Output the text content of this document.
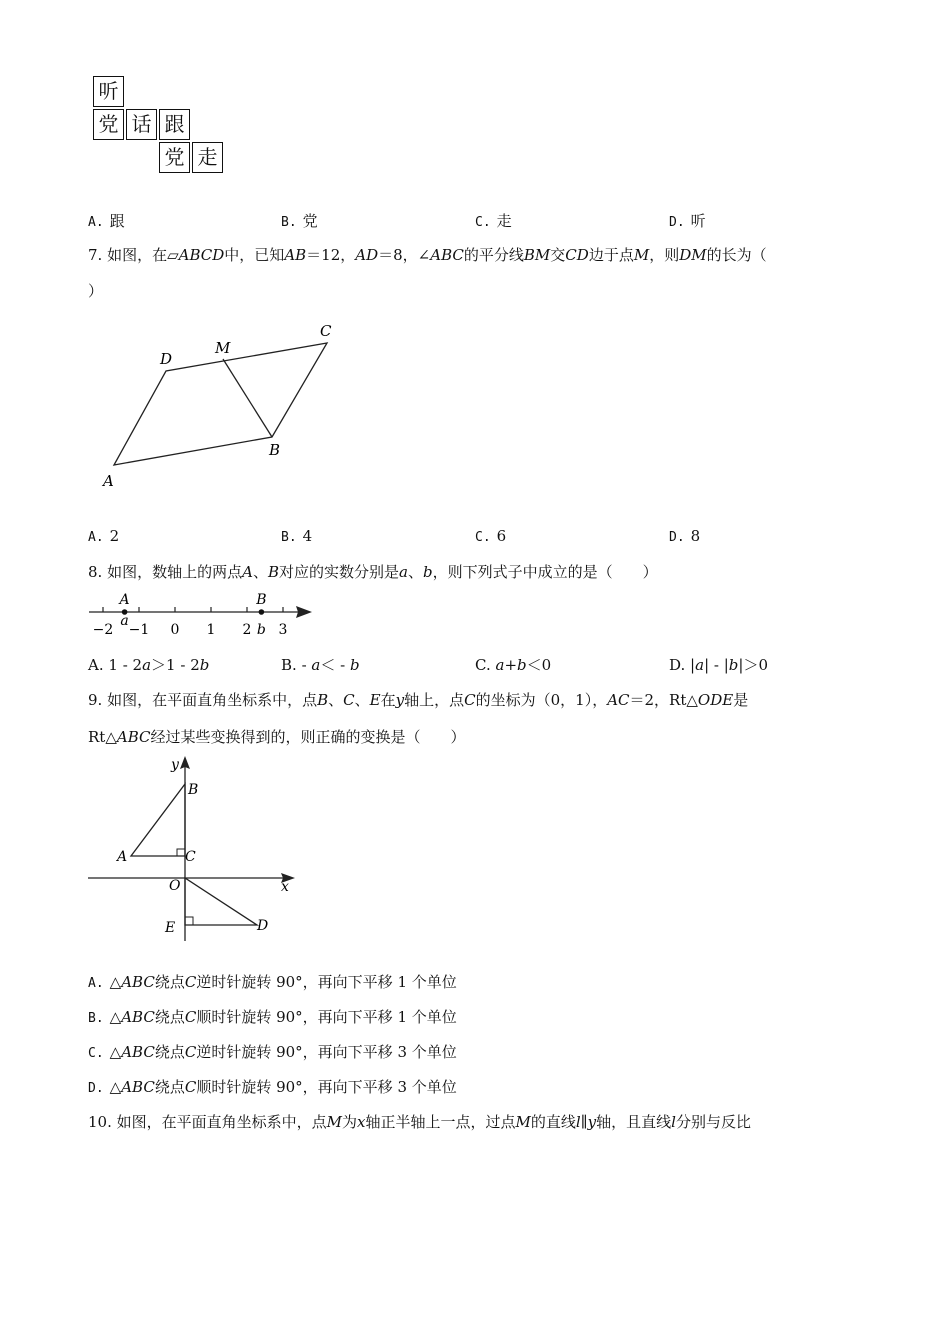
听
党 话 跟
党 走
A. 跟	B. 党	C. 走	D. 听
7. 如图，在▱ABCD中，已知AB＝12，AD＝8，∠ABC的平分线BM交CD边于点M，则DM的长为（
）
A
B
C
D
M
A. 2	B. 4	C. 6	D. 8
8. 如图，数轴上的两点A、B对应的实数分别是a、b，则下列式子中成立的是（　　）
−2 −1 0 1 2 3
A	B
a
b
A. 1 - 2a＞1 - 2b	B. - a＜ - b	C. a+b＜0	D. |a| - |b|＞0
9. 如图，在平面直角坐标系中，点B、C、E在y轴上，点C的坐标为（0，1），AC＝2，Rt△ODE是
Rt△ABC经过某些变换得到的，则正确的变换是（　　）
y
B
A	C
O	x
E	D
A. △ABC绕点C逆时针旋转 90°，再向下平移 1 个单位
B. △ABC绕点C顺时针旋转 90°，再向下平移 1 个单位
C. △ABC绕点C逆时针旋转 90°，再向下平移 3 个单位
D. △ABC绕点C顺时针旋转 90°，再向下平移 3 个单位
10. 如图，在平面直角坐标系中，点M为x轴正半轴上一点，过点M的直线l∥y轴，且直线l分别与反比
